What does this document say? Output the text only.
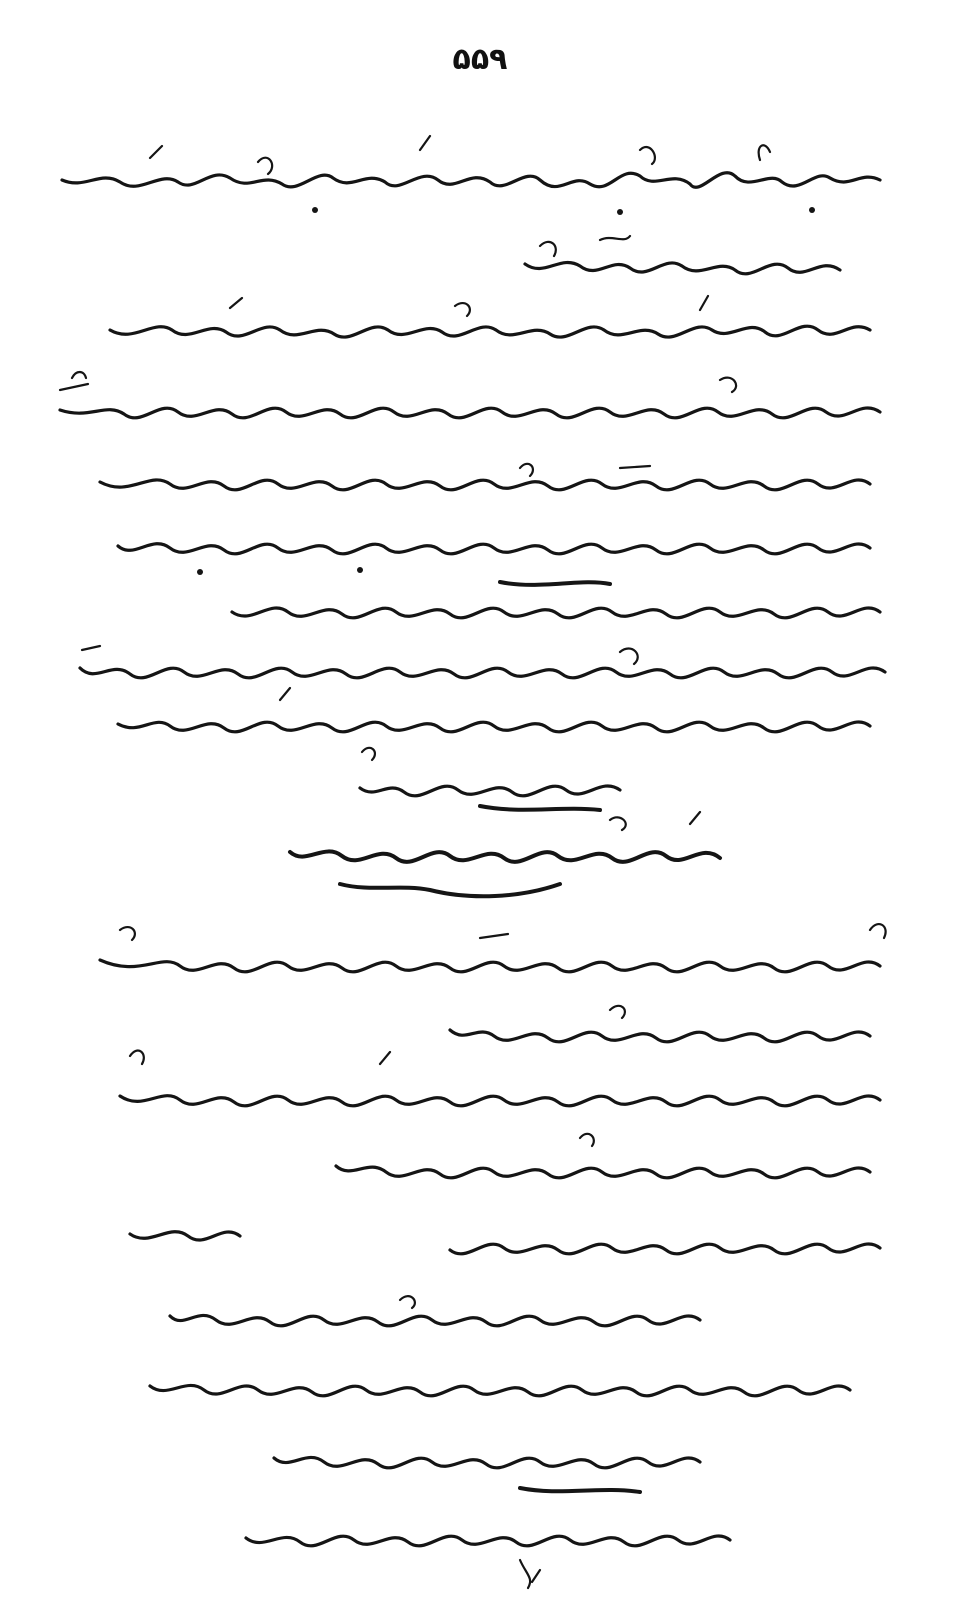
۵۵۹
